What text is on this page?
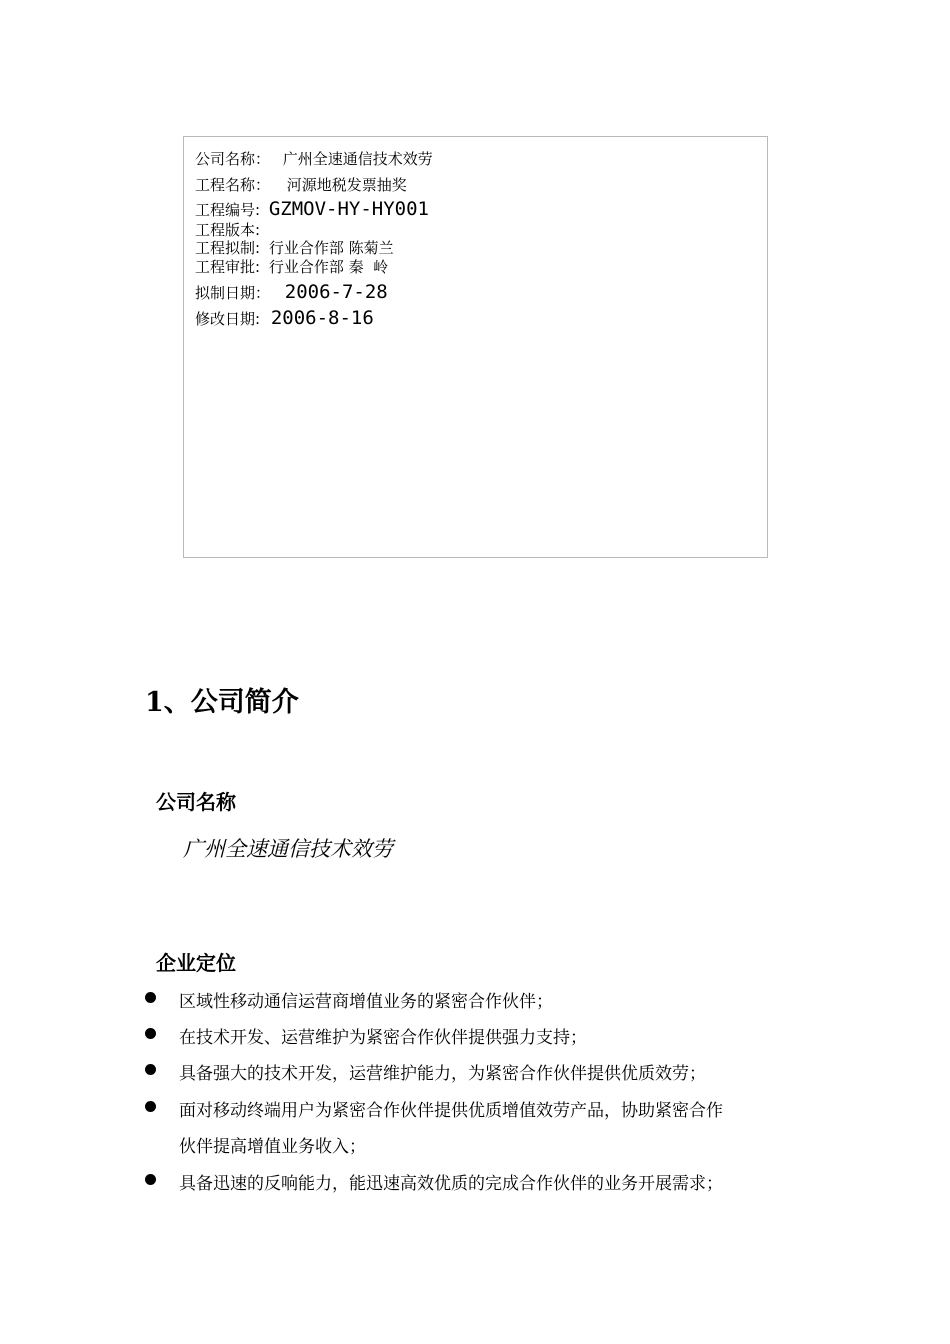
公司名称： 广州全速通信技术效劳
工程名称： 河源地税发票抽奖
工程编号: GZMOV-HY-HY001
工程版本:
工程拟制: 行业合作部 陈菊兰
工程审批: 行业合作部 秦  岭
拟制日期： 2006-7-28
修改日期: 2006-8-16
1、公司简介
公司名称
广州全速通信技术效劳
企业定位
区域性移动通信运营商增值业务的紧密合作伙伴；
在技术开发、运营维护为紧密合作伙伴提供强力支持；
具备强大的技术开发，运营维护能力，为紧密合作伙伴提供优质效劳；
面对移动终端用户为紧密合作伙伴提供优质增值效劳产品，协助紧密合作
伙伴提高增值业务收入；
具备迅速的反响能力，能迅速高效优质的完成合作伙伴的业务开展需求；
